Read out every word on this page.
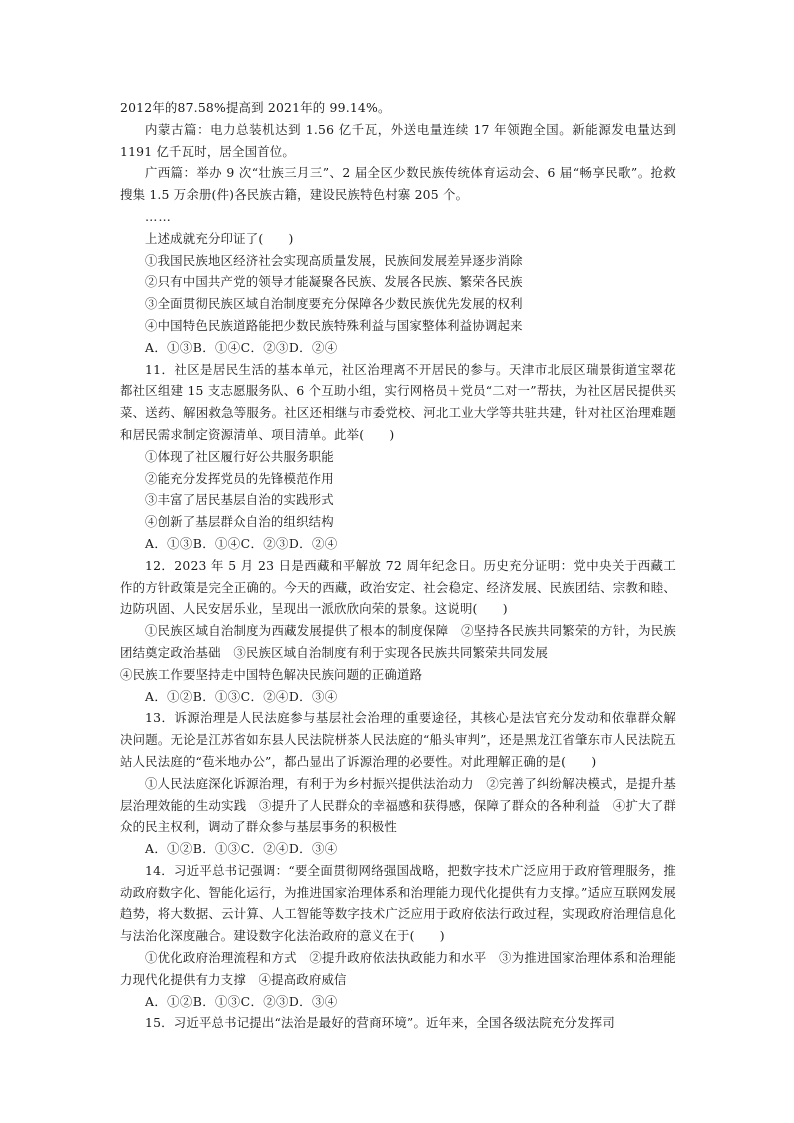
2012年的87.58%提高到 2021年的 99.14%。

内蒙古篇：电力总装机达到 1.56 亿千瓦，外送电量连续 17 年领跑全国。新能源发电量达到 1191 亿千瓦时，居全国首位。

广西篇：举办 9 次“壮族三月三”、2 届全区少数民族传统体育运动会、6 届“畅享民歌”。抢救搜集 1.5 万余册(件)各民族古籍，建设民族特色村寨 205 个。

……

上述成就充分印证了(　　)

①我国民族地区经济社会实现高质量发展，民族间发展差异逐步消除

②只有中国共产党的领导才能凝聚各民族、发展各民族、繁荣各民族

③全面贯彻民族区域自治制度要充分保障各少数民族优先发展的权利

④中国特色民族道路能把少数民族特殊利益与国家整体利益协调起来

A．①③B．①④C．②③D．②④

11．社区是居民生活的基本单元，社区治理离不开居民的参与。天津市北辰区瑞景街道宝翠花都社区组建 15 支志愿服务队、6 个互助小组，实行网格员＋党员“二对一”帮扶，为社区居民提供买菜、送药、解困救急等服务。社区还相继与市委党校、河北工业大学等共驻共建，针对社区治理难题和居民需求制定资源清单、项目清单。此举(　　)

①体现了社区履行好公共服务职能

②能充分发挥党员的先锋模范作用

③丰富了居民基层自治的实践形式

④创新了基层群众自治的组织结构

A．①③B．①④C．②③D．②④

12．2023 年 5 月 23 日是西藏和平解放 72 周年纪念日。历史充分证明：党中央关于西藏工作的方针政策是完全正确的。今天的西藏，政治安定、社会稳定、经济发展、民族团结、宗教和睦、边防巩固、人民安居乐业，呈现出一派欣欣向荣的景象。这说明(　　)

①民族区域自治制度为西藏发展提供了根本的制度保障　②坚持各民族共同繁荣的方针，为民族团结奠定政治基础　③民族区域自治制度有利于实现各民族共同繁荣共同发展

④民族工作要坚持走中国特色解决民族问题的正确道路

A．①②B．①③C．②④D．③④

13．诉源治理是人民法庭参与基层社会治理的重要途径，其核心是法官充分发动和依靠群众解决问题。无论是江苏省如东县人民法院栟茶人民法庭的“船头审判”，还是黑龙江省肇东市人民法院五站人民法庭的“苞米地办公”，都凸显出了诉源治理的必要性。对此理解正确的是(　　)

①人民法庭深化诉源治理，有利于为乡村振兴提供法治动力　②完善了纠纷解决模式，是提升基层治理效能的生动实践　③提升了人民群众的幸福感和获得感，保障了群众的各种利益　④扩大了群众的民主权利，调动了群众参与基层事务的积极性

A．①②B．①③C．②④D．③④

14．习近平总书记强调：“要全面贯彻网络强国战略，把数字技术广泛应用于政府管理服务，推动政府数字化、智能化运行，为推进国家治理体系和治理能力现代化提供有力支撑。”适应互联网发展趋势，将大数据、云计算、人工智能等数字技术广泛应用于政府依法行政过程，实现政府治理信息化与法治化深度融合。建设数字化法治政府的意义在于(　　)

①优化政府治理流程和方式　②提升政府依法执政能力和水平　③为推进国家治理体系和治理能力现代化提供有力支撑　④提高政府威信

A．①②B．①③C．②③D．③④

15．习近平总书记提出“法治是最好的营商环境”。近年来，全国各级法院充分发挥司
